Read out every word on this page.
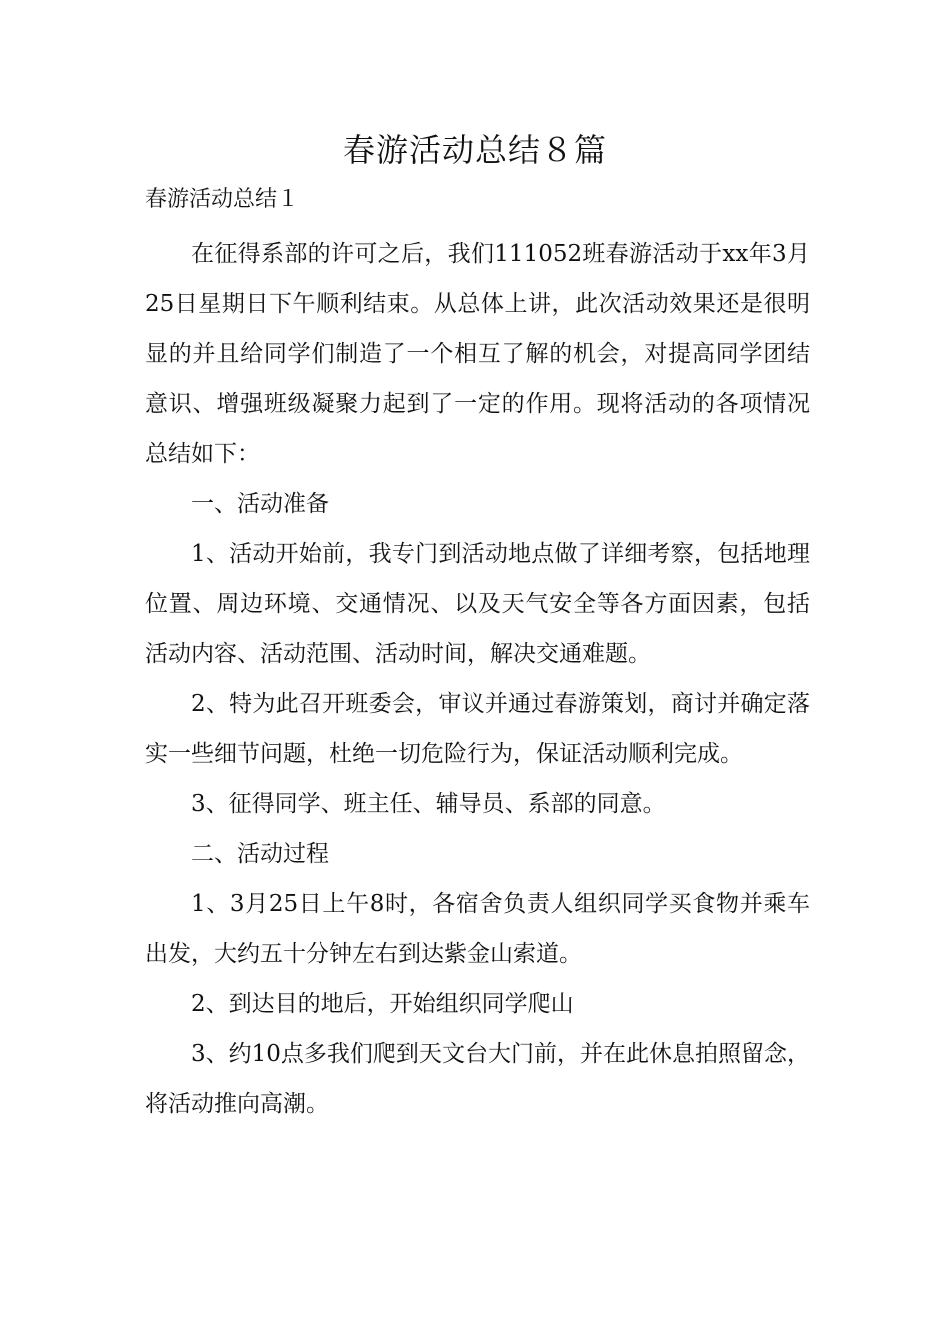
春游活动总结８篇
春游活动总结１

在征得系部的许可之后，我们111052班春游活动于xx年3月25日星期日下午顺利结束。从总体上讲，此次活动效果还是很明显的并且给同学们制造了一个相互了解的机会，对提高同学团结意识、增强班级凝聚力起到了一定的作用。现将活动的各项情况总结如下：

一、活动准备

1、活动开始前，我专门到活动地点做了详细考察，包括地理位置、周边环境、交通情况、以及天气安全等各方面因素，包括活动内容、活动范围、活动时间，解决交通难题。

2、特为此召开班委会，审议并通过春游策划，商讨并确定落实一些细节问题，杜绝一切危险行为，保证活动顺利完成。

3、征得同学、班主任、辅导员、系部的同意。

二、活动过程

1、3月25日上午8时，各宿舍负责人组织同学买食物并乘车出发，大约五十分钟左右到达紫金山索道。

2、到达目的地后，开始组织同学爬山

3、约10点多我们爬到天文台大门前，并在此休息拍照留念，将活动推向高潮。
